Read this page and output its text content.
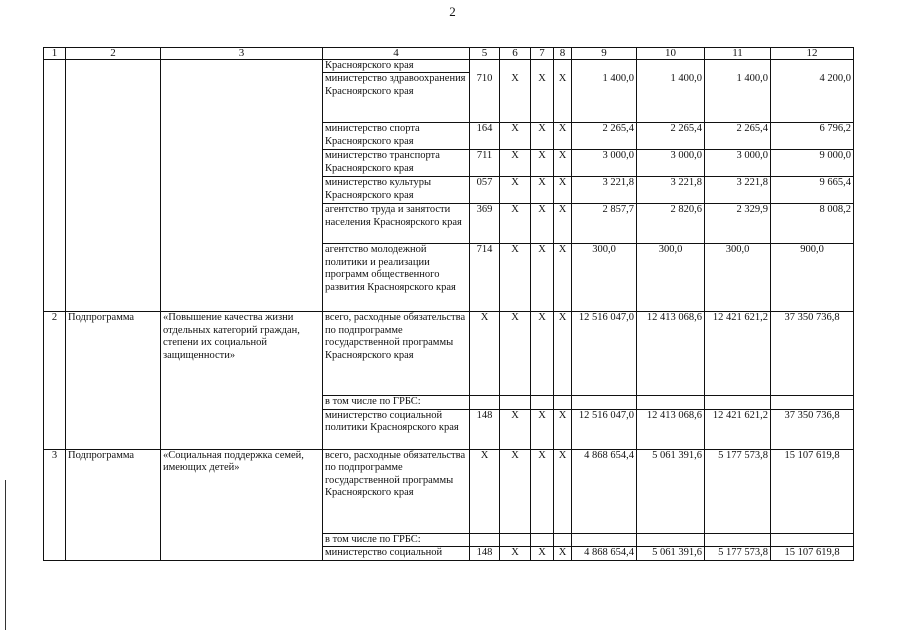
2
1	2	3	4	5	6	7	8	9	10	11	12
			Красноярского края								
			министерство здравоохранения Красноярского края	710	X	X	X	1 400,0	1 400,0	1 400,0	4 200,0
			министерство спорта Красноярского края	164	X	X	X	2 265,4	2 265,4	2 265,4	6 796,2
			министерство транспорта Красноярского края	711	X	X	X	3 000,0	3 000,0	3 000,0	9 000,0
			министерство культуры Красноярского края	057	X	X	X	3 221,8	3 221,8	3 221,8	9 665,4
			агентство труда и занятости населения Красноярского края	369	X	X	X	2 857,7	2 820,6	2 329,9	8 008,2
			агентство молодежной политики и реализации программ общественного развития Красноярского края	714	X	X	X	300,0	300,0	300,0	900,0
2	Подпрограмма	«Повышение качества жизни отдельных категорий граждан, степени их социальной защищенности»	всего, расходные обязательства по подпрограмме государственной программы Красноярского края	X	X	X	X	12 516 047,0	12 413 068,6	12 421 621,2	37 350 736,8
			в том числе по ГРБС:								
			министерство социальной политики Красноярского края	148	X	X	X	12 516 047,0	12 413 068,6	12 421 621,2	37 350 736,8
3	Подпрограмма	«Социальная поддержка семей, имеющих детей»	всего, расходные обязательства по подпрограмме государственной программы Красноярского края	X	X	X	X	4 868 654,4	5 061 391,6	5 177 573,8	15 107 619,8
			в том числе по ГРБС:								
			министерство социальной	148	X	X	X	4 868 654,4	5 061 391,6	5 177 573,8	15 107 619,8
